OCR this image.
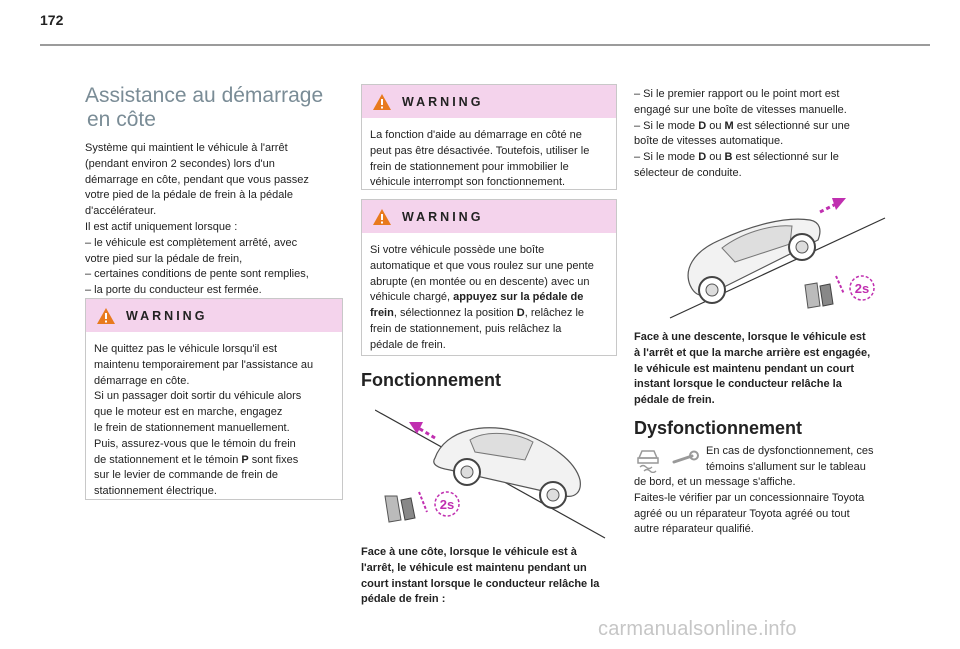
172
Assistance au démarrage
en côte

Système qui maintient le véhicule à l'arrêt

(pendant environ 2 secondes) lors d'un

démarrage en côte, pendant que vous passez

votre pied de la pédale de frein à la pédale

d'accélérateur.

Il est actif uniquement lorsque :

– le véhicule est complètement arrêté, avec

votre pied sur la pédale de frein,

– certaines conditions de pente sont remplies,

– la porte du conducteur est fermée.

WARNING

Ne quittez pas le véhicule lorsqu'il est

maintenu temporairement par l'assistance au

démarrage en côte.

Si un passager doit sortir du véhicule alors

que le moteur est en marche, engagez

le frein de stationnement manuellement.

Puis, assurez-vous que le témoin du frein

de stationnement et le témoin P sont fixes

sur le levier de commande de frein de

stationnement électrique.

WARNING

La fonction d'aide au démarrage en côté ne

peut pas être désactivée. Toutefois, utiliser le

frein de stationnement pour immobilier le

véhicule interrompt son fonctionnement.

WARNING

Si votre véhicule possède une boîte

automatique et que vous roulez sur une pente

abrupte (en montée ou en descente) avec un

véhicule chargé, appuyez sur la pédale de

frein, sélectionnez la position D, relâchez le

frein de stationnement, puis relâchez la

pédale de frein.

Fonctionnement
2s

Face à une côte, lorsque le véhicule est à

l'arrêt, le véhicule est maintenu pendant un

court instant lorsque le conducteur relâche la

pédale de frein :

– Si le premier rapport ou le point mort est

engagé sur une boîte de vitesses manuelle.

– Si le mode D ou M est sélectionné sur une

boîte de vitesses automatique.

– Si le mode D ou B est sélectionné sur le

sélecteur de conduite.

2s

Face à une descente, lorsque le véhicule est

à l'arrêt et que la marche arrière est engagée,

le véhicule est maintenu pendant un court

instant lorsque le conducteur relâche la

pédale de frein.

Dysfonctionnement

En cas de dysfonctionnement, ces

témoins s'allument sur le tableau

de bord, et un message s'affiche.

Faites-le vérifier par un concessionnaire Toyota

agréé ou un réparateur Toyota agréé ou tout

autre réparateur qualifié.

carmanualsonline.info
